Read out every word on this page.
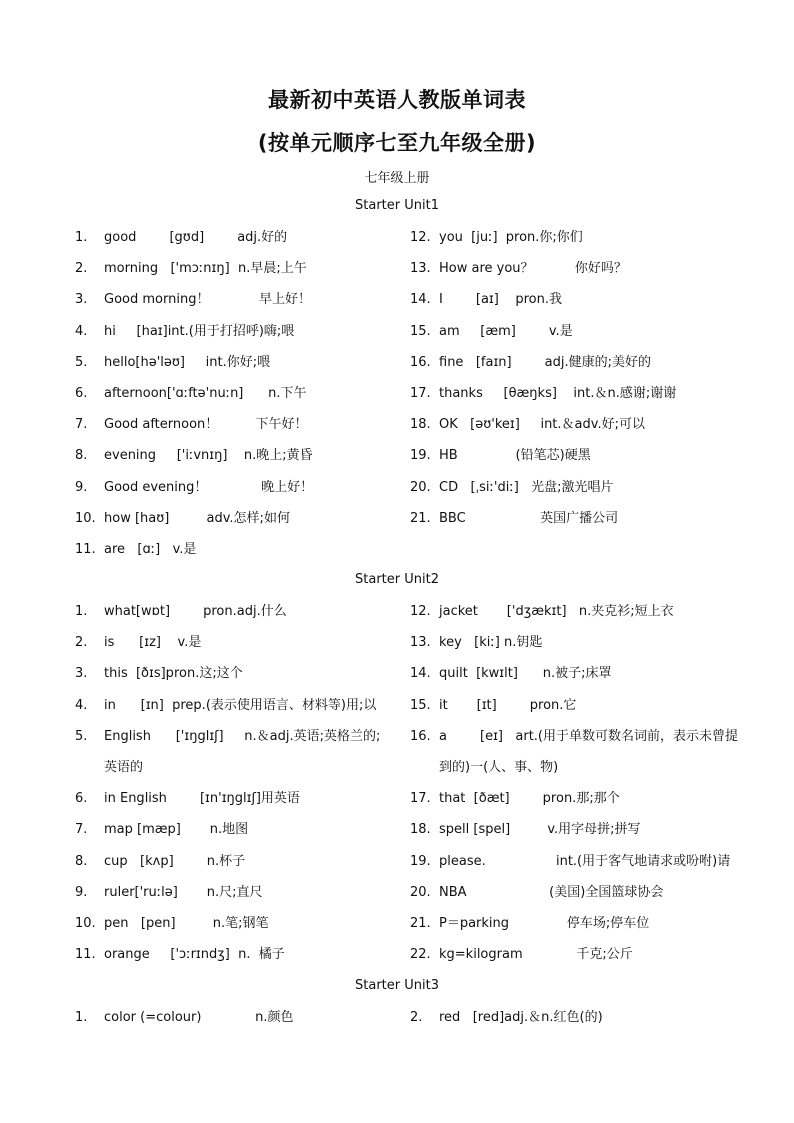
最新初中英语人教版单词表
(按单元顺序七至九年级全册)
七年级上册
Starter Unit1
1.	good        [gʊd]        adj.好的
2.	morning   ['mɔːnɪŋ]  n.早晨;上午
3.	Good morning！            早上好！
4.	hi     [haɪ]int.(用于打招呼)嗨;喂
5.	hello[hə'ləʊ]     int.你好;喂
6.	afternoon['ɑːftə'nuːn]      n.下午
7.	Good afternoon！         下午好！
8.	evening     ['iːvnɪŋ]    n.晚上;黄昏
9.	Good evening！             晚上好！
10. how [haʊ]         adv.怎样;如何
11. are   [ɑː]   v.是
12. you  [juː]  pron.你;你们
13. How are you？          你好吗？
14. I        [aɪ]    pron.我
15. am     [æm]        v.是
16. fine   [faɪn]        adj.健康的;美好的
17. thanks     [θæŋks]    int.＆n.感谢;谢谢
18. OK   [əʊ'keɪ]     int.＆adv.好;可以
19. HB              (铅笔芯)硬黑
20. CD   [ˌsiː'diː]   光盘;激光唱片
21. BBC                  英国广播公司
Starter Unit2
1.	what[wɒt]        pron.adj.什么
2.	is      [ɪz]    v.是
3.	this  [ðɪs]pron.这;这个
4.	in      [ɪn]  prep.(表示使用语言、材料等)用;以
5.	English      ['ɪŋglɪʃ]     n.＆adj.英语;英格兰的;英语的
6.	in English        [ɪn'ɪŋglɪʃ]用英语
7.	map [mæp]       n.地图
8.	cup   [kʌp]        n.杯子
9.	ruler['ruːlə]       n.尺;直尺
10. pen   [pen]         n.笔;钢笔
11. orange     ['ɔːrɪndʒ]  n.  橘子
12. jacket       ['dʒækɪt]   n.夹克衫;短上衣
13. key   [kiː] n.钥匙
14. quilt  [kwɪlt]      n.被子;床罩
15. it       [ɪt]        pron.它
16. a        [eɪ]   art.(用于单数可数名词前，表示未曾提到的)一(人、事、物)
17. that  [ðæt]        pron.那;那个
18. spell [spel]         v.用字母拼;拼写
19. please.                 int.(用于客气地请求或吩咐)请
20. NBA                    (美国)全国篮球协会
21. P＝parking              停车场;停车位
22. kg=kilogram             千克;公斤
Starter Unit3
1.	color (=colour)             n.颜色	2.	red   [red]adj.＆n.红色(的)
